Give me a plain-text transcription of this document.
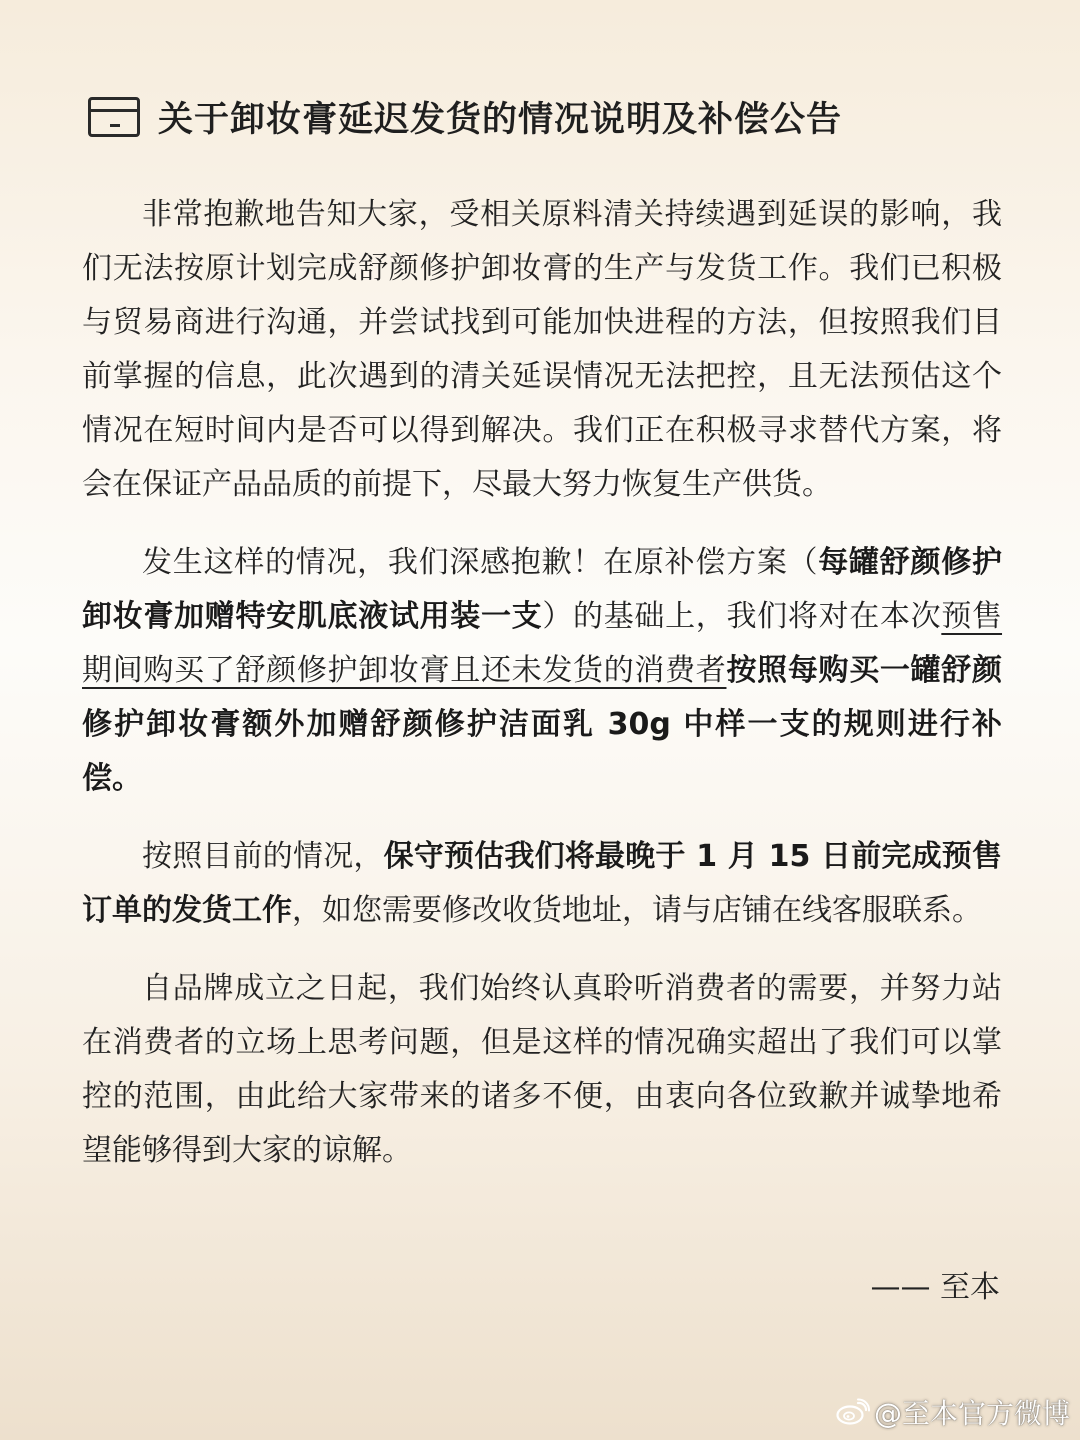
关于卸妆膏延迟发货的情况说明及补偿公告

非常抱歉地告知大家，受相关原料清关持续遇到延误的影响，我们无法按原计划完成舒颜修护卸妆膏的生产与发货工作。我们已积极与贸易商进行沟通，并尝试找到可能加快进程的方法，但按照我们目前掌握的信息，此次遇到的清关延误情况无法把控，且无法预估这个情况在短时间内是否可以得到解决。我们正在积极寻求替代方案，将会在保证产品品质的前提下，尽最大努力恢复生产供货。

发生这样的情况，我们深感抱歉！在原补偿方案（每罐舒颜修护卸妆膏加赠特安肌底液试用装一支）的基础上，我们将对在本次预售期间购买了舒颜修护卸妆膏且还未发货的消费者按照每购买一罐舒颜修护卸妆膏额外加赠舒颜修护洁面乳 30g 中样一支的规则进行补偿。

按照目前的情况，保守预估我们将最晚于 1 月 15 日前完成预售订单的发货工作，如您需要修改收货地址，请与店铺在线客服联系。

自品牌成立之日起，我们始终认真聆听消费者的需要，并努力站在消费者的立场上思考问题，但是这样的情况确实超出了我们可以掌控的范围，由此给大家带来的诸多不便，由衷向各位致歉并诚挚地希望能够得到大家的谅解。

—— 至本
@至本官方微博
